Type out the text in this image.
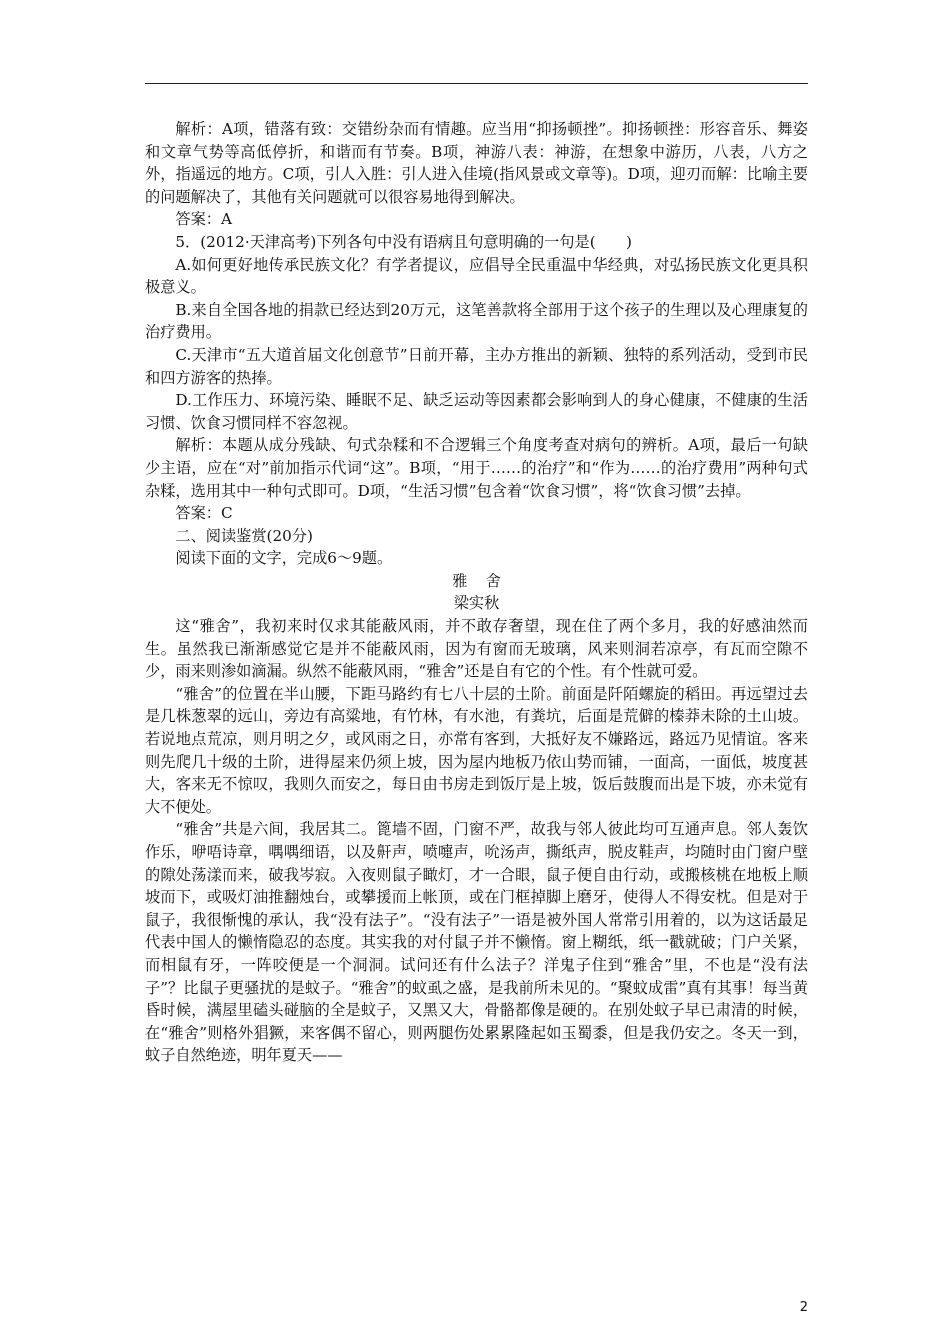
解析：A项，错落有致：交错纷杂而有情趣。应当用“抑扬顿挫”。抑扬顿挫：形容音乐、舞姿和文章气势等高低停折，和谐而有节奏。B项，神游八表：神游，在想象中游历，八表，八方之外，指遥远的地方。C项，引人入胜：引人进入佳境(指风景或文章等)。D项，迎刃而解：比喻主要的问题解决了，其他有关问题就可以很容易地得到解决。

答案：A

5．(2012·天津高考)下列各句中没有语病且句意明确的一句是(　　)

A.如何更好地传承民族文化？有学者提议，应倡导全民重温中华经典，对弘扬民族文化更具积极意义。

B.来自全国各地的捐款已经达到20万元，这笔善款将全部用于这个孩子的生理以及心理康复的治疗费用。

C.天津市“五大道首届文化创意节”日前开幕，主办方推出的新颖、独特的系列活动，受到市民和四方游客的热捧。

D.工作压力、环境污染、睡眠不足、缺乏运动等因素都会影响到人的身心健康，不健康的生活习惯、饮食习惯同样不容忽视。

解析：本题从成分残缺、句式杂糅和不合逻辑三个角度考查对病句的辨析。A项，最后一句缺少主语，应在“对”前加指示代词“这”。B项，“用于……的治疗”和“作为……的治疗费用”两种句式杂糅，选用其中一种句式即可。D项，“生活习惯”包含着“饮食习惯”，将“饮食习惯”去掉。

答案：C

二、阅读鉴赏(20分)

阅读下面的文字，完成6～9题。

雅舍

梁实秋

这“雅舍”，我初来时仅求其能蔽风雨，并不敢存奢望，现在住了两个多月，我的好感油然而生。虽然我已渐渐感觉它是并不能蔽风雨，因为有窗而无玻璃，风来则洞若凉亭，有瓦而空隙不少，雨来则渗如滴漏。纵然不能蔽风雨，“雅舍”还是自有它的个性。有个性就可爱。

“雅舍”的位置在半山腰，下距马路约有七八十层的土阶。前面是阡陌螺旋的稻田。再远望过去是几株葱翠的远山，旁边有高粱地，有竹林，有水池，有粪坑，后面是荒僻的榛莽未除的土山坡。若说地点荒凉，则月明之夕，或风雨之日，亦常有客到，大抵好友不嫌路远，路远乃见情谊。客来则先爬几十级的土阶，进得屋来仍须上坡，因为屋内地板乃依山势而铺，一面高，一面低，坡度甚大，客来无不惊叹，我则久而安之，每日由书房走到饭厅是上坡，饭后鼓腹而出是下坡，亦未觉有大不便处。

“雅舍”共是六间，我居其二。篦墙不固，门窗不严，故我与邻人彼此均可互通声息。邻人轰饮作乐，咿唔诗章，喁喁细语，以及鼾声，喷嚏声，吮汤声，撕纸声，脱皮鞋声，均随时由门窗户壁的隙处荡漾而来，破我岑寂。入夜则鼠子瞰灯，才一合眼，鼠子便自由行动，或搬核桃在地板上顺坡而下，或吸灯油推翻烛台，或攀援而上帐顶，或在门框掉脚上磨牙，使得人不得安枕。但是对于鼠子，我很惭愧的承认，我“没有法子”。“没有法子”一语是被外国人常常引用着的，以为这话最足代表中国人的懒惰隐忍的态度。其实我的对付鼠子并不懒惰。窗上糊纸，纸一戳就破；门户关紧，而相鼠有牙，一阵咬便是一个洞洞。试问还有什么法子？洋鬼子住到“雅舍”里，不也是“没有法子”？比鼠子更骚扰的是蚊子。“雅舍”的蚊虱之盛，是我前所未见的。“聚蚊成雷”真有其事！每当黄昏时候，满屋里磕头碰脑的全是蚊子，又黑又大，骨骼都像是硬的。在别处蚊子早已肃清的时候，在“雅舍”则格外猖獗，来客偶不留心，则两腿伤处累累隆起如玉蜀黍，但是我仍安之。冬天一到，蚊子自然绝迹，明年夏天——

2
